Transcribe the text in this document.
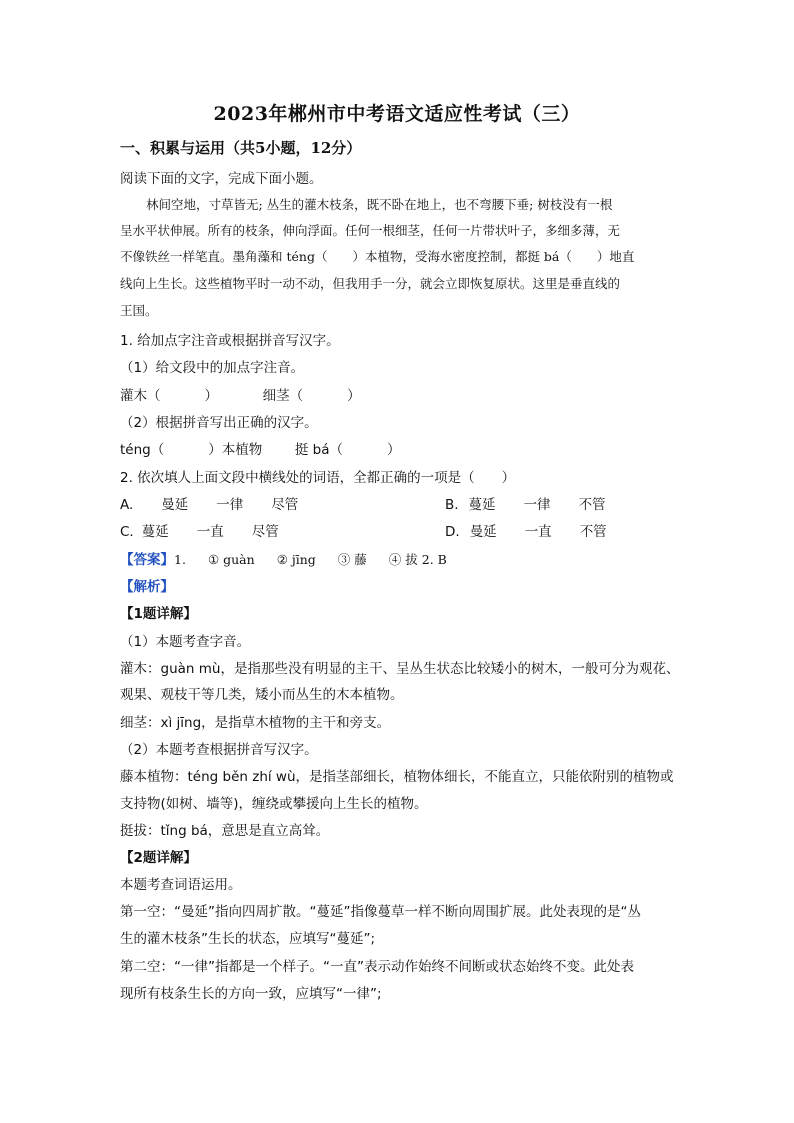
2023年郴州市中考语文适应性考试（三）
一、积累与运用（共5小题，12分）
阅读下面的文字，完成下面小题。
林间空地，寸草皆无; 丛生的灌木枝条，既不卧在地上，也不弯腰下垂; 树枝没有一根
呈水平状伸展。所有的枝条，伸向浮面。任何一根细茎，任何一片带状叶子，多细多薄，无
不像铁丝一样笔直。墨角藻和 téng（　　）本植物，受海水密度控制，都挺 bá（　　）地直
线向上生长。这些植物平时一动不动，但我用手一分，就会立即恢复原状。这里是垂直线的
王国。
1. 给加点字注音或根据拼音写汉字。
（1）给文段中的加点字注音。
灌木（	）	细茎（	）
（2）根据拼音写出正确的汉字。
téng（	）本植物 挺 bá（	）
2. 依次填人上面文段中横线处的词语，全都正确的一项是（　　）
A. 曼延 一律 尽管	B. 蔓延 一律 不管
C. 蔓延 一直 尽管	D. 曼延 一直 不管
【答案】1. ① guàn ② jīng ③ 藤 ④ 拔 2. B
【解析】
【1题详解】
（1）本题考查字音。
灌木：guàn mù，是指那些没有明显的主干、呈丛生状态比较矮小的树木，一般可分为观花、
观果、观枝干等几类，矮小而丛生的木本植物。
细茎：xì jīng，是指草木植物的主干和旁支。
（2）本题考查根据拼音写汉字。
藤本植物：téng běn zhí wù，是指茎部细长，植物体细长，不能直立，只能依附别的植物或
支持物(如树、墙等)，缠绕或攀援向上生长的植物。
挺拔：tǐng bá，意思是直立高耸。
【2题详解】
本题考查词语运用。
第一空：“曼延”指向四周扩散。“蔓延”指像蔓草一样不断向周围扩展。此处表现的是“丛
生的灌木枝条”生长的状态，应填写“蔓延”;
第二空：“一律”指都是一个样子。“一直”表示动作始终不间断或状态始终不变。此处表
现所有枝条生长的方向一致，应填写“一律”;
